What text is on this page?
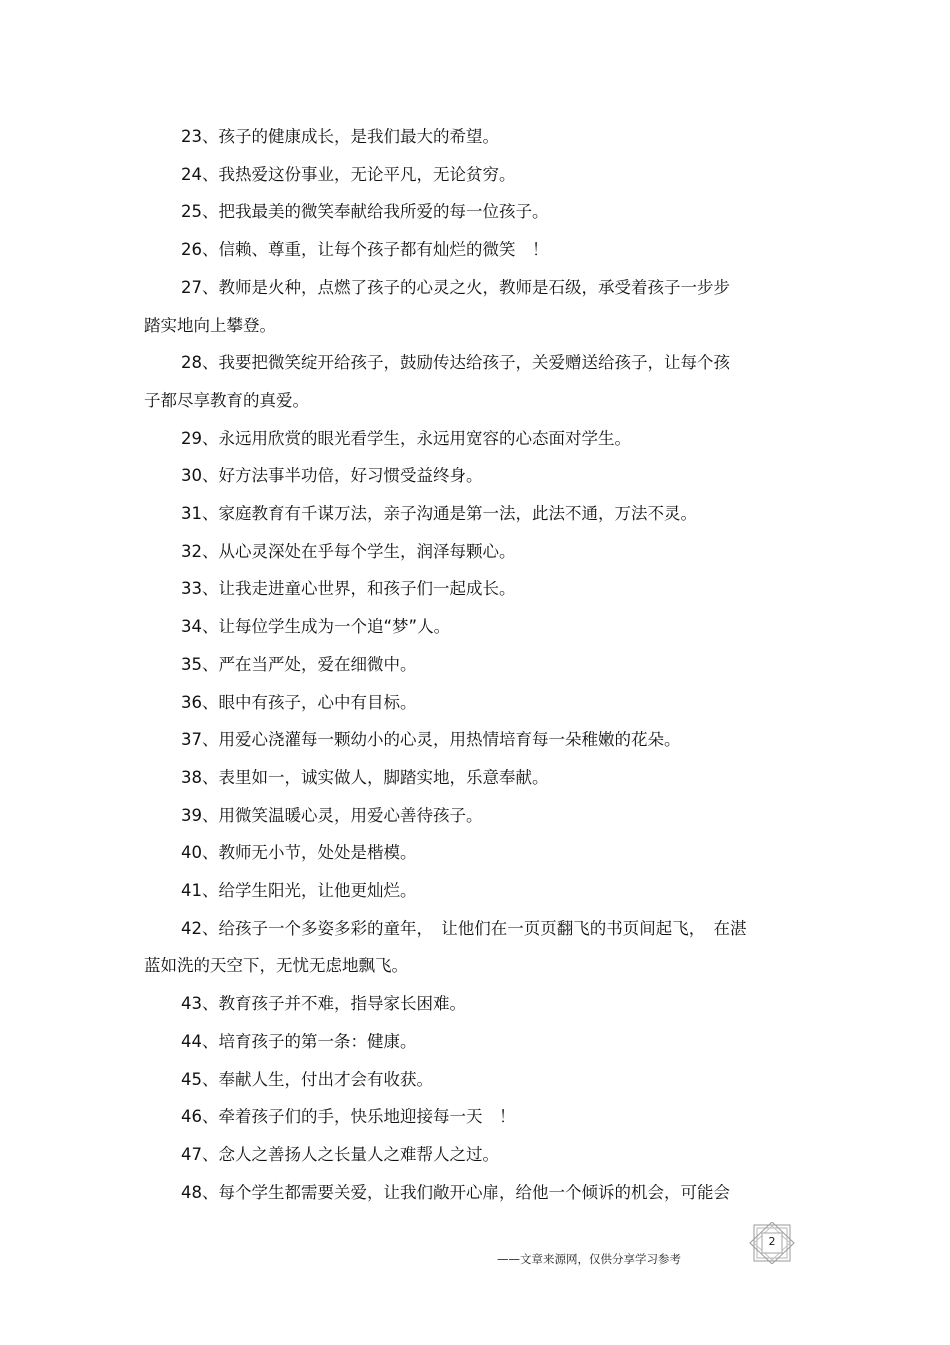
23、孩子的健康成长，是我们最大的希望。

24、我热爱这份事业，无论平凡，无论贫穷。

25、把我最美的微笑奉献给我所爱的每一位孩子。

26、信赖、尊重，让每个孩子都有灿烂的微笑　！

27、教师是火种，点燃了孩子的心灵之火，教师是石级，承受着孩子一步步
踏实地向上攀登。

28、我要把微笑绽开给孩子，鼓励传达给孩子，关爱赠送给孩子，让每个孩
子都尽享教育的真爱。

29、永远用欣赏的眼光看学生，永远用宽容的心态面对学生。

30、好方法事半功倍，好习惯受益终身。

31、家庭教育有千谋万法，亲子沟通是第一法，此法不通，万法不灵。

32、从心灵深处在乎每个学生，润泽每颗心。

33、让我走进童心世界，和孩子们一起成长。

34、让每位学生成为一个追“梦”人。

35、严在当严处，爱在细微中。

36、眼中有孩子，心中有目标。

37、用爱心浇灌每一颗幼小的心灵，用热情培育每一朵稚嫩的花朵。

38、表里如一，诚实做人，脚踏实地，乐意奉献。

39、用微笑温暖心灵，用爱心善待孩子。

40、教师无小节，处处是楷模。

41、给学生阳光，让他更灿烂。

42、给孩子一个多姿多彩的童年，　让他们在一页页翻飞的书页间起飞，　在湛
蓝如洗的天空下，无忧无虑地飘飞。

43、教育孩子并不难，指导家长困难。

44、培育孩子的第一条：健康。

45、奉献人生，付出才会有收获。

46、牵着孩子们的手，快乐地迎接每一天　！

47、念人之善扬人之长量人之难帮人之过。

48、每个学生都需要关爱，让我们敞开心扉，给他一个倾诉的机会，可能会

——文章来源网，仅供分享学习参考
2
